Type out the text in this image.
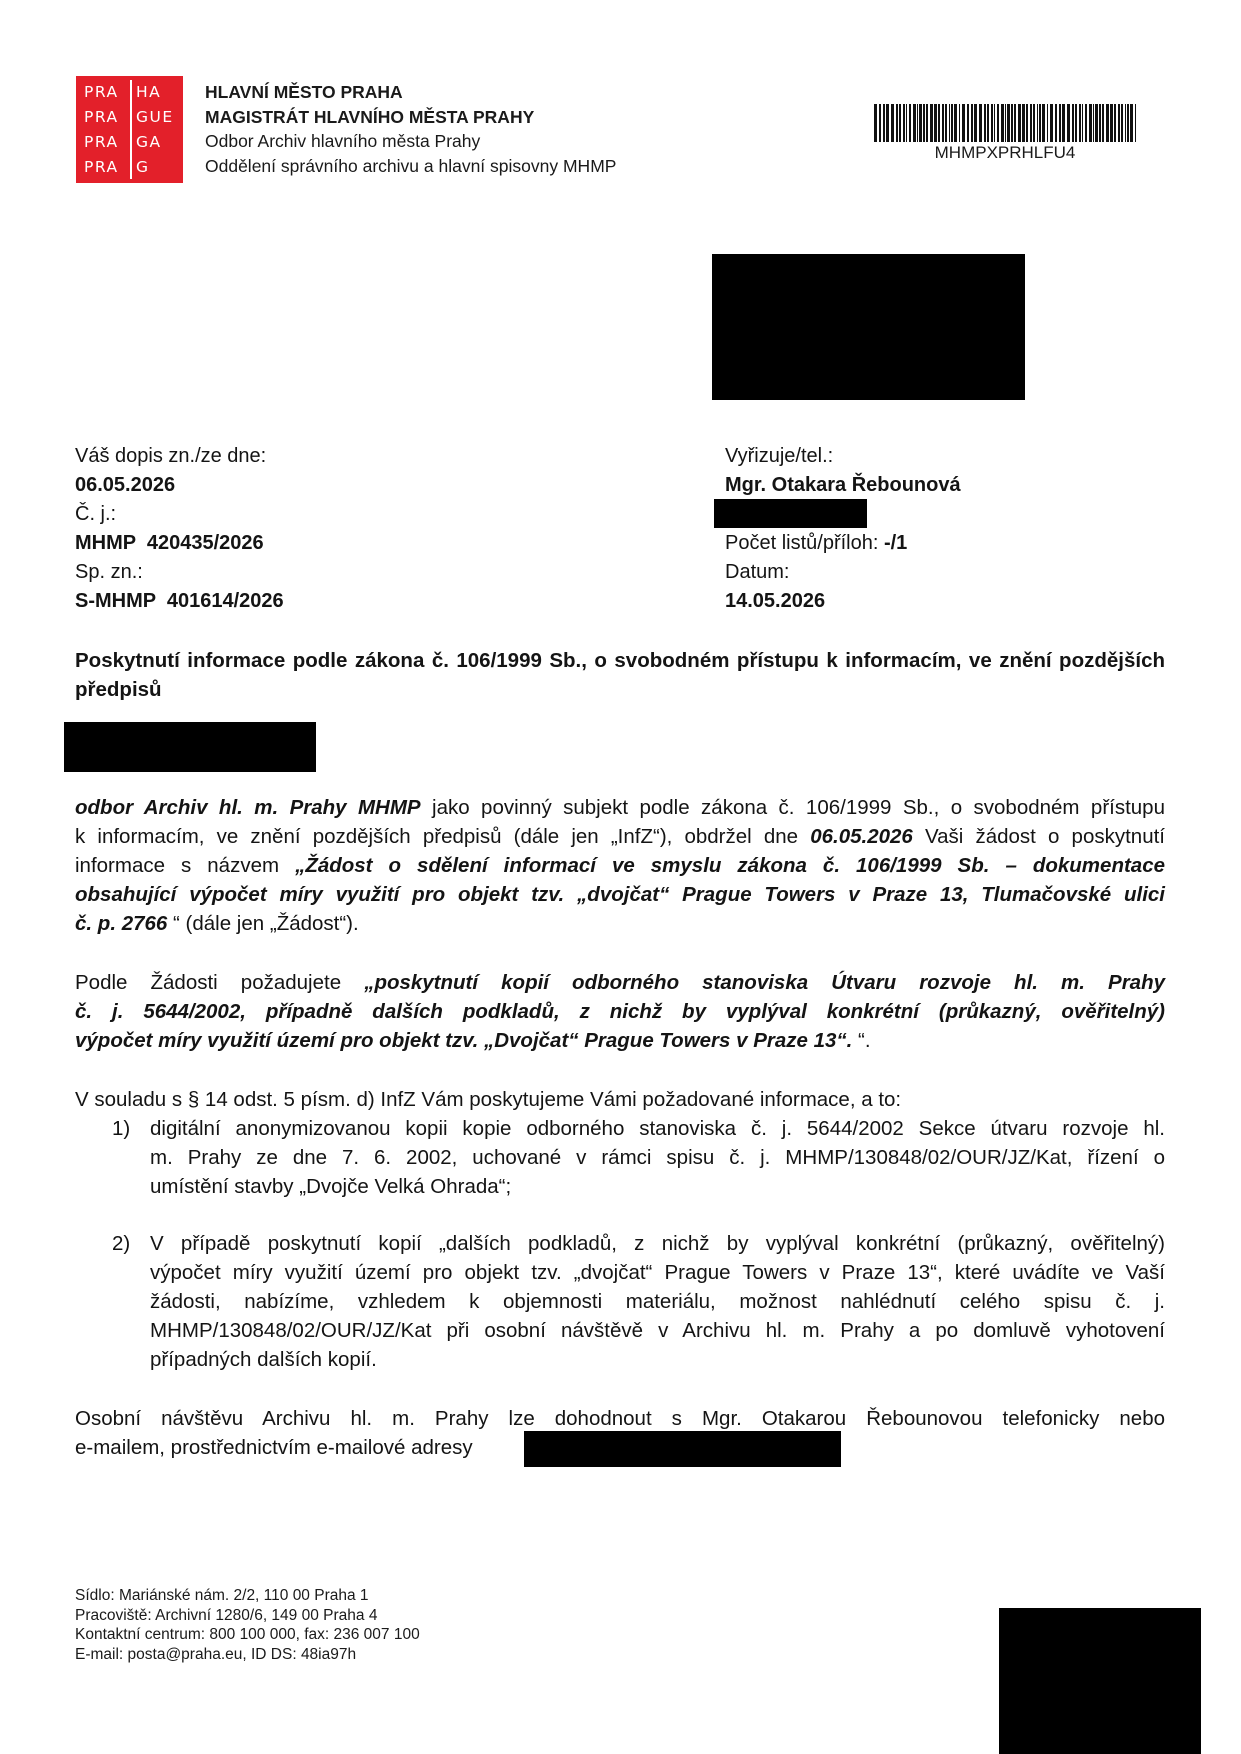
PRA HA
PRA GUE
PRA GA
PRA G
HLAVNÍ MĚSTO PRAHA
MAGISTRÁT HLAVNÍHO MĚSTA PRAHY
Odbor Archiv hlavního města Prahy
Oddělení správního archivu a hlavní spisovny MHMP
MHMPXPRHLFU4
Váš dopis zn./ze dne:
06.05.2026
Č. j.:
MHMP  420435/2026
Sp. zn.:
S-MHMP  401614/2026
Vyřizuje/tel.:
Mgr. Otakara Řebounová
Počet listů/příloh: -/1
Datum:
14.05.2026
Poskytnutí informace podle zákona č. 106/1999 Sb., o svobodném přístupu k informacím, ve znění pozdějších předpisů
odbor Archiv hl. m. Prahy MHMP jako povinný subjekt podle zákona č. 106/1999 Sb., o svobodném přístupu
k informacím, ve znění pozdějších předpisů (dále jen „InfZ“), obdržel dne 06.05.2026 Vaši žádost o poskytnutí
informace s názvem „Žádost o sdělení informací ve smyslu zákona č. 106/1999 Sb. – dokumentace
obsahující výpočet míry využití pro objekt tzv. „dvojčat“ Prague Towers v Praze 13, Tlumačovské ulici
č. p. 2766 “ (dále jen „Žádost“).
Podle Žádosti požadujete „poskytnutí kopií odborného stanoviska Útvaru rozvoje hl. m. Prahy
č. j. 5644/2002, případně dalších podkladů, z nichž by vyplýval konkrétní (průkazný, ověřitelný)
výpočet míry využití území pro objekt tzv. „Dvojčat“ Prague Towers v Praze 13“. “.
V souladu s § 14 odst. 5 písm. d) InfZ Vám poskytujeme Vámi požadované informace, a to:
1) digitální anonymizovanou kopii kopie odborného stanoviska č. j. 5644/2002 Sekce útvaru rozvoje hl.
m. Prahy ze dne 7. 6. 2002, uchované v rámci spisu č. j. MHMP/130848/02/OUR/JZ/Kat, řízení o
umístění stavby „Dvojče Velká Ohrada“;
2) V případě poskytnutí kopií „dalších podkladů, z nichž by vyplýval konkrétní (průkazný, ověřitelný)
výpočet míry využití území pro objekt tzv. „dvojčat“ Prague Towers v Praze 13“, které uvádíte ve Vaší
žádosti, nabízíme, vzhledem k objemnosti materiálu, možnost nahlédnutí celého spisu č. j.
MHMP/130848/02/OUR/JZ/Kat při osobní návštěvě v Archivu hl. m. Prahy a po domluvě vyhotovení
případných dalších kopií.
Osobní návštěvu Archivu hl. m. Prahy lze dohodnout s Mgr. Otakarou Řebounovou telefonicky nebo
e-mailem, prostřednictvím e-mailové adresy
Sídlo: Mariánské nám. 2/2, 110 00 Praha 1
Pracoviště: Archivní 1280/6, 149 00 Praha 4
Kontaktní centrum: 800 100 000, fax: 236 007 100
E-mail: posta@praha.eu, ID DS: 48ia97h
